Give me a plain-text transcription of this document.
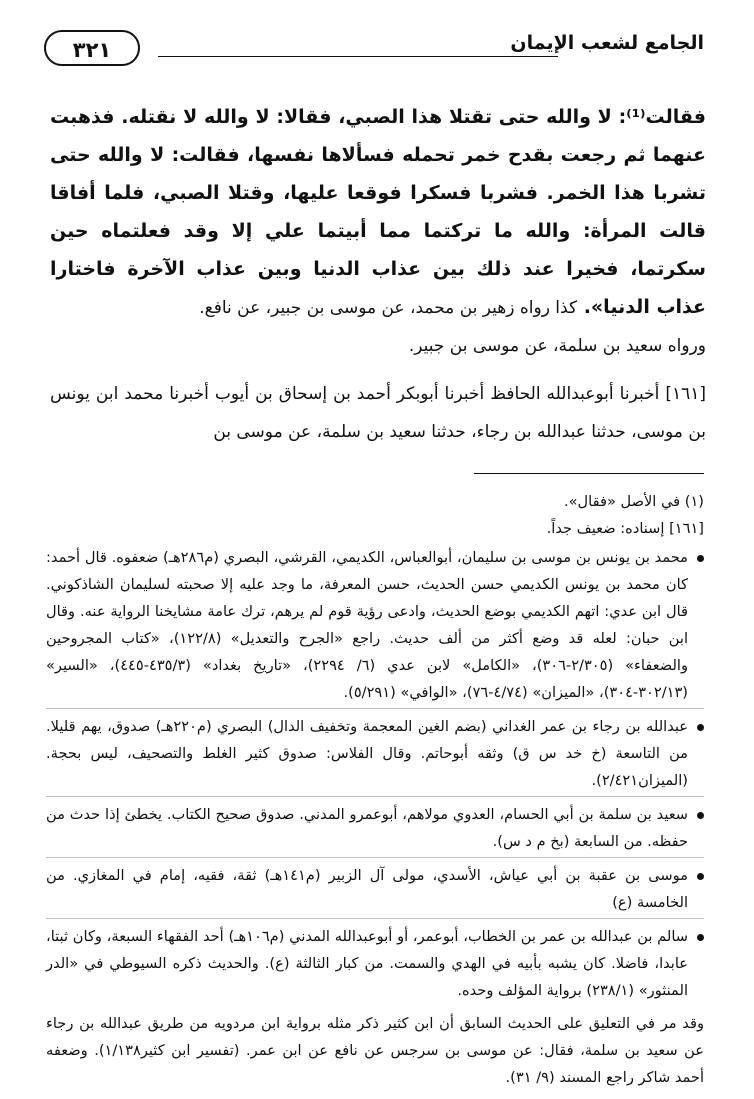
الجامع لشعب الإيمان
٣٢١

فقالت⁽¹⁾: لا والله حتى تقتلا هذا الصبي، فقالا: لا والله لا نقتله. فذهبت عنهما ثم رجعت بقدح خمر تحمله فسألاها نفسها، فقالت: لا والله حتى تشربا هذا الخمر. فشربا فسكرا فوقعا عليها، وقتلا الصبي، فلما أفاقا قالت المرأة: والله ما تركتما مما أبيتما علي إلا وقد فعلتماه حين سكرتما، فخيرا عند ذلك بين عذاب الدنيا وبين عذاب الآخرة فاختارا عذاب الدنيا». كذا رواه زهير بن محمد، عن موسى بن جبير، عن نافع.

ورواه سعيد بن سلمة، عن موسى بن جبير.

[١٦١] أخبرنا أبوعبدالله الحافظ أخبرنا أبوبكر أحمد بن إسحاق بن أيوب أخبرنا محمد ابن يونس بن موسى، حدثنا عبدالله بن رجاء، حدثنا سعيد بن سلمة، عن موسى بن

(١) في الأصل «فقال».

[١٦١] إسناده: ضعيف جداً.

محمد بن يونس بن موسى بن سليمان، أبوالعباس، الكديمي، القرشي، البصري (م٢٨٦هـ) ضعفوه. قال أحمد: كان محمد بن يونس الكديمي حسن الحديث، حسن المعرفة، ما وجد عليه إلا صحبته لسليمان الشاذكوني. قال ابن عدي: اتهم الكديمي بوضع الحديث، وادعى رؤية قوم لم يرهم، ترك عامة مشايخنا الرواية عنه. وقال ابن حبان: لعله قد وضع أكثر من ألف حديث. راجع «الجرح والتعديل» (١٢٢/٨)، «كتاب المجروحين والضعفاء» (٢/٣٠٥-٣٠٦)، «الكامل» لابن عدي (٦/ ٢٢٩٤)، «تاريخ بغداد» (٤٣٥/٣-٤٤٥)، «السير» (٣٠٢/١٣-٣٠٤)، «الميزان» (٤/٧٤-٧٦)، «الوافي» (٥/٢٩١).
عبدالله بن رجاء بن عمر الغداني (بضم الغين المعجمة وتخفيف الدال) البصري (م٢٢٠هـ) صدوق، يهم قليلا. من التاسعة (خ خد س ق) وثقه أبوحاتم. وقال الفلاس: صدوق كثير الغلط والتصحيف، ليس بحجة. (الميزان٢/٤٢١).
سعيد بن سلمة بن أبي الحسام، العدوي مولاهم، أبوعمرو المدني. صدوق صحيح الكتاب. يخطئ إذا حدث من حفظه. من السابعة (بخ م د س).
موسى بن عقبة بن أبي عياش، الأسدي، مولى آل الزبير (م١٤١هـ) ثقة، فقيه، إمام في المغازي. من الخامسة (ع)
سالم بن عبدالله بن عمر بن الخطاب، أبوعمر، أو أبوعبدالله المدني (م١٠٦هـ) أحد الفقهاء السبعة، وكان ثبتا، عابدا، فاضلا. كان يشبه بأبيه في الهدي والسمت. من كبار الثالثة (ع). والحديث ذكره السيوطي في «الدر المنثور» (٢٣٨/١) برواية المؤلف وحده.

وقد مر في التعليق على الحديث السابق أن ابن كثير ذكر مثله برواية ابن مردويه من طريق عبدالله بن رجاء عن سعيد بن سلمة، فقال: عن موسى بن سرجس عن نافع عن ابن عمر. (تفسير ابن كثير١/١٣٨). وضعفه أحمد شاكر راجع المسند (٩/ ٣١).
